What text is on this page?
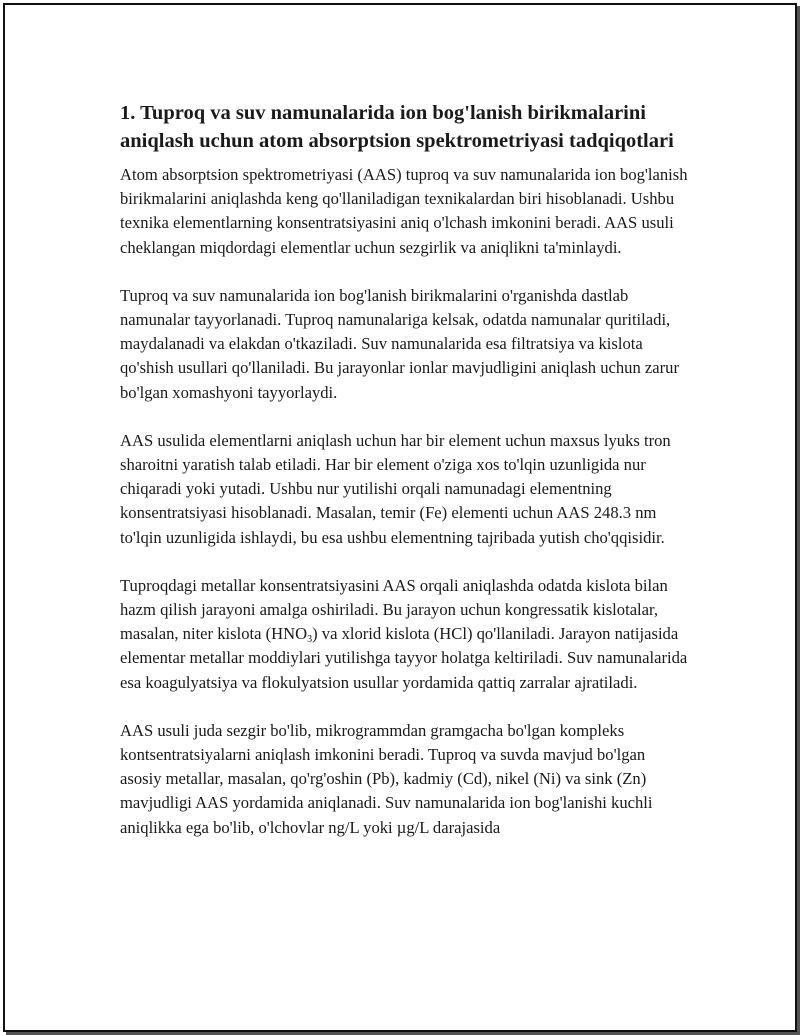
1. Tuproq va suv namunalarida ion bog'lanish birikmalarini aniqlash uchun atom absorptsion spektrometriyasi tadqiqotlari

Atom absorptsion spektrometriyasi (AAS) tuproq va suv namunalarida ion bog'lanish birikmalarini aniqlashda keng qo'llaniladigan texnikalardan biri hisoblanadi. Ushbu texnika elementlarning konsentratsiyasini aniq o'lchash imkonini beradi. AAS usuli cheklangan miqdordagi elementlar uchun sezgirlik va aniqlikni ta'minlaydi.

Tuproq va suv namunalarida ion bog'lanish birikmalarini o'rganishda dastlab namunalar tayyorlanadi. Tuproq namunalariga kelsak, odatda namunalar quritiladi, maydalanadi va elakdan o'tkaziladi. Suv namunalarida esa filtratsiya va kislota qo'shish usullari qo'llaniladi. Bu jarayonlar ionlar mavjudligini aniqlash uchun zarur bo'lgan xomashyoni tayyorlaydi.

AAS usulida elementlarni aniqlash uchun har bir element uchun maxsus lyuks tron sharoitni yaratish talab etiladi. Har bir element o'ziga xos to'lqin uzunligida nur chiqaradi yoki yutadi. Ushbu nur yutilishi orqali namunadagi elementning konsentratsiyasi hisoblanadi. Masalan, temir (Fe) elementi uchun AAS 248.3 nm to'lqin uzunligida ishlaydi, bu esa ushbu elementning tajribada yutish cho'qqisidir.

Tuproqdagi metallar konsentratsiyasini AAS orqali aniqlashda odatda kislota bilan hazm qilish jarayoni amalga oshiriladi. Bu jarayon uchun kongressatik kislotalar, masalan, niter kislota $(HNO_3)$ va xlorid kislota (HCl) qo'llaniladi. Jarayon natijasida elementar metallar moddiylari yutilishga tayyor holatga keltiriladi. Suv namunalarida esa koagulyatsiya va flokulyatsion usullar yordamida qattiq zarralar ajratiladi.

AAS usuli juda sezgir bo'lib, mikrogrammdan gramgacha bo'lgan kompleks kontsentratsiyalarni aniqlash imkonini beradi. Tuproq va suvda mavjud bo'lgan asosiy metallar, masalan, qo'rg'oshin (Pb), kadmiy (Cd), nikel (Ni) va sink (Zn) mavjudligi AAS yordamida aniqlanadi. Suv namunalarida ion bog'lanishi kuchli aniqlikka ega bo'lib, o'lchovlar ng/L yoki µg/L darajasida
